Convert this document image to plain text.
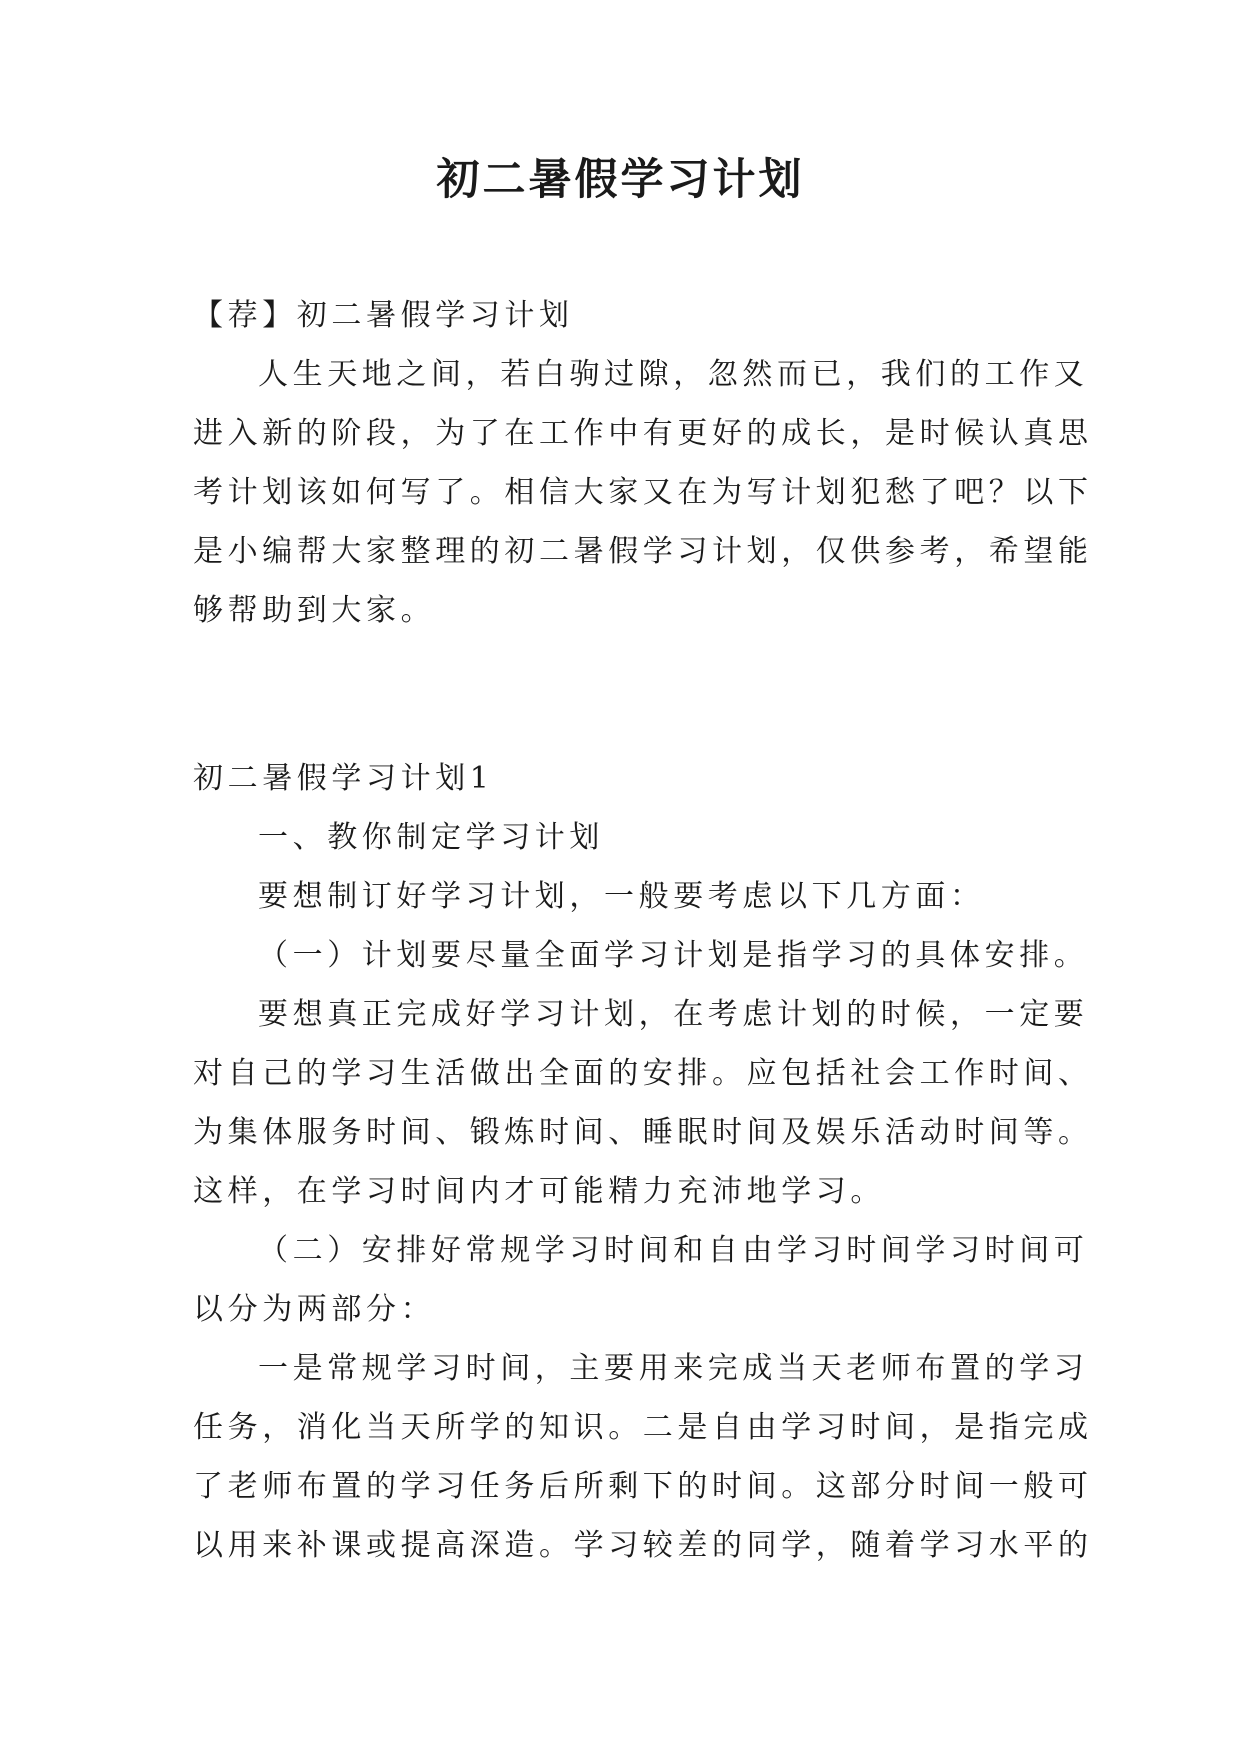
初二暑假学习计划
【荐】初二暑假学习计划
人生天地之间，若白驹过隙，忽然而已，我们的工作又
进入新的阶段，为了在工作中有更好的成长，是时候认真思
考计划该如何写了。相信大家又在为写计划犯愁了吧？以下
是小编帮大家整理的初二暑假学习计划，仅供参考，希望能
够帮助到大家。
初二暑假学习计划1
一、教你制定学习计划
要想制订好学习计划，一般要考虑以下几方面：
（一）计划要尽量全面学习计划是指学习的具体安排。
要想真正完成好学习计划，在考虑计划的时候，一定要
对自己的学习生活做出全面的安排。应包括社会工作时间、
为集体服务时间、锻炼时间、睡眠时间及娱乐活动时间等。
这样，在学习时间内才可能精力充沛地学习。
（二）安排好常规学习时间和自由学习时间学习时间可
以分为两部分：
一是常规学习时间，主要用来完成当天老师布置的学习
任务，消化当天所学的知识。二是自由学习时间，是指完成
了老师布置的学习任务后所剩下的时间。这部分时间一般可
以用来补课或提高深造。学习较差的同学，随着学习水平的
